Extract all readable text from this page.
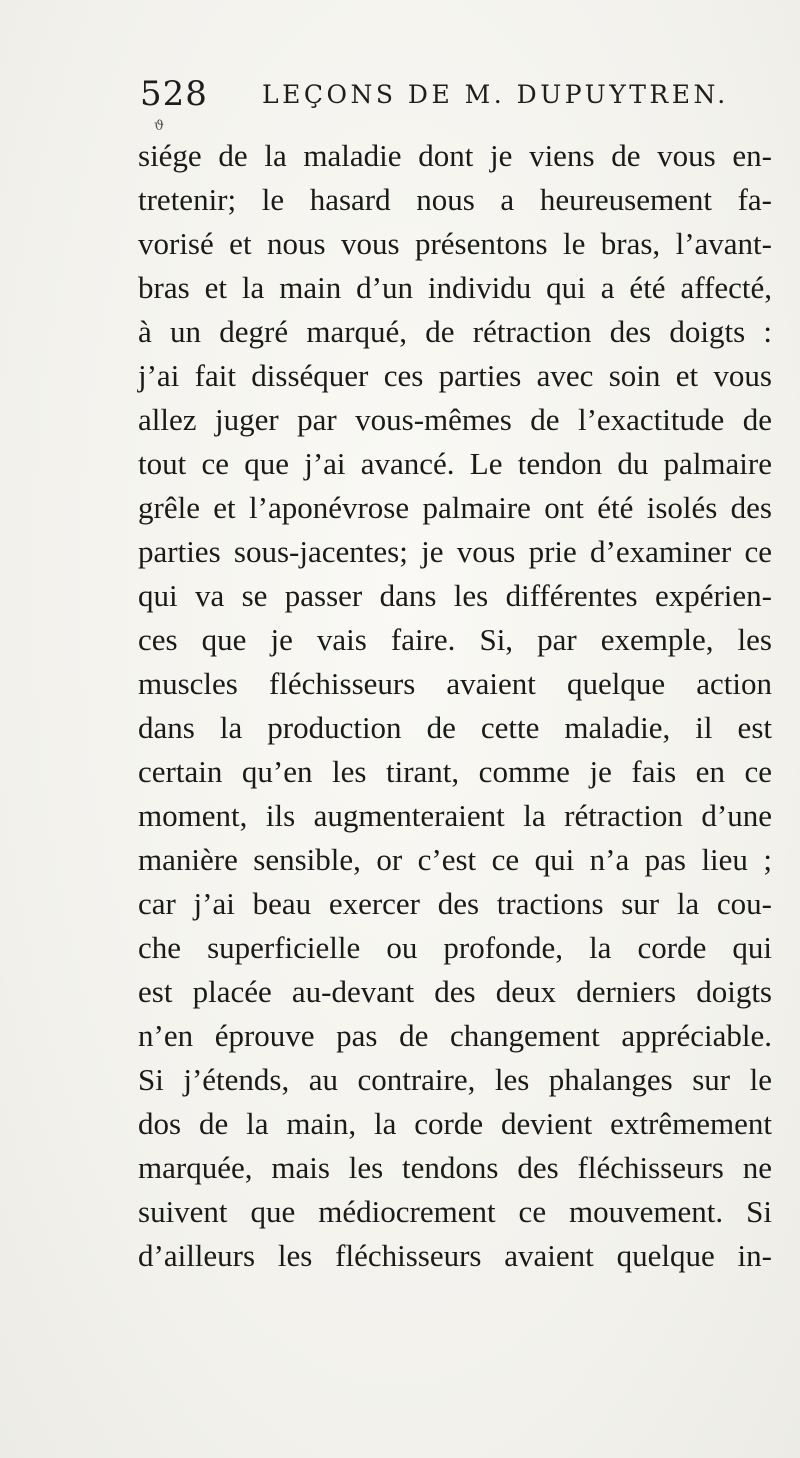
528 LEÇONS DE M. DUPUYTREN.
ϑ
siége de la maladie dont je viens de vous en-
tretenir; le hasard nous a heureusement fa-
vorisé et nous vous présentons le bras, l’avant-
bras et la main d’un individu qui a été affecté,
à un degré marqué, de rétraction des doigts :
j’ai fait disséquer ces parties avec soin et vous
allez juger par vous-mêmes de l’exactitude de
tout ce que j’ai avancé. Le tendon du palmaire
grêle et l’aponévrose palmaire ont été isolés des
parties sous-jacentes; je vous prie d’examiner ce
qui va se passer dans les différentes expérien-
ces que je vais faire. Si, par exemple, les
muscles fléchisseurs avaient quelque action
dans la production de cette maladie, il est
certain qu’en les tirant, comme je fais en ce
moment, ils augmenteraient la rétraction d’une
manière sensible, or c’est ce qui n’a pas lieu ;
car j’ai beau exercer des tractions sur la cou-
che superficielle ou profonde, la corde qui
est placée au-devant des deux derniers doigts
n’en éprouve pas de changement appréciable.
Si j’étends, au contraire, les phalanges sur le
dos de la main, la corde devient extrêmement
marquée, mais les tendons des fléchisseurs ne
suivent que médiocrement ce mouvement. Si
d’ailleurs les fléchisseurs avaient quelque in-
